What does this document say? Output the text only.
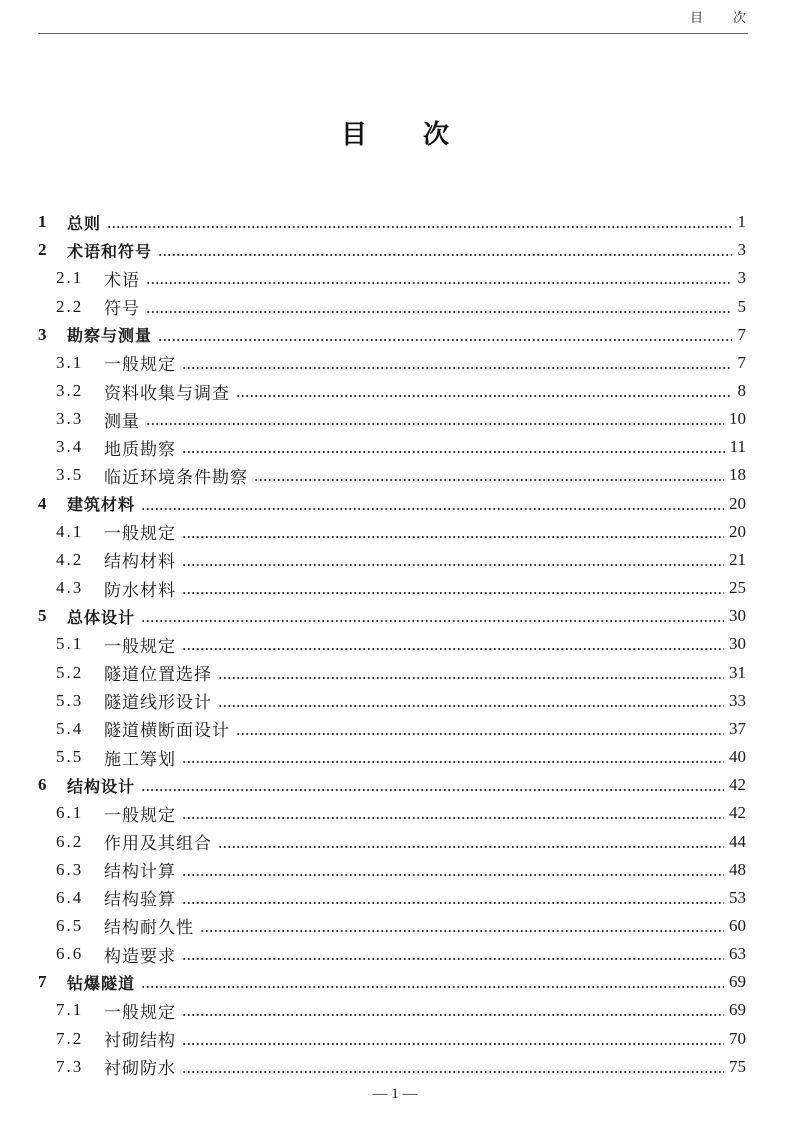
目次
目次
1	总则	1
2	术语和符号	3
2.1	术语	3
2.2	符号	5
3	勘察与测量	7
3.1	一般规定	7
3.2	资料收集与调查	8
3.3	测量	10
3.4	地质勘察	11
3.5	临近环境条件勘察	18
4	建筑材料	20
4.1	一般规定	20
4.2	结构材料	21
4.3	防水材料	25
5	总体设计	30
5.1	一般规定	30
5.2	隧道位置选择	31
5.3	隧道线形设计	33
5.4	隧道横断面设计	37
5.5	施工筹划	40
6	结构设计	42
6.1	一般规定	42
6.2	作用及其组合	44
6.3	结构计算	48
6.4	结构验算	53
6.5	结构耐久性	60
6.6	构造要求	63
7	钻爆隧道	69
7.1	一般规定	69
7.2	衬砌结构	70
7.3	衬砌防水	75
— 1 —
